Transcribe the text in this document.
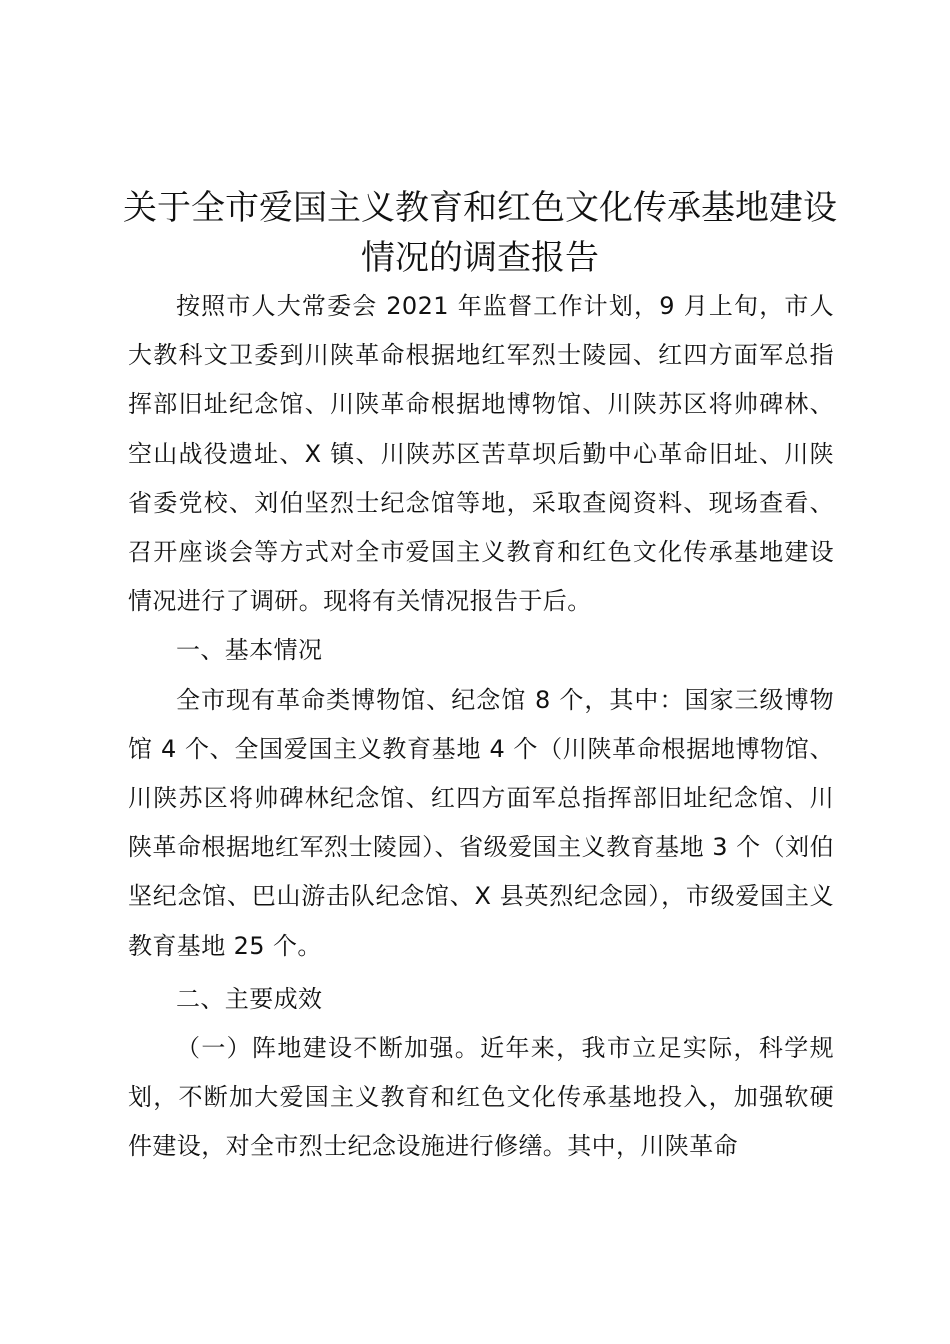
关于全市爱国主义教育和红色文化传承基地建设情况的调查报告

按照市人大常委会 2021 年监督工作计划，9 月上旬，市人大教科文卫委到川陕革命根据地红军烈士陵园、红四方面军总指挥部旧址纪念馆、川陕革命根据地博物馆、川陕苏区将帅碑林、空山战役遗址、X 镇、川陕苏区苦草坝后勤中心革命旧址、川陕省委党校、刘伯坚烈士纪念馆等地，采取查阅资料、现场查看、召开座谈会等方式对全市爱国主义教育和红色文化传承基地建设情况进行了调研。现将有关情况报告于后。

一、基本情况

全市现有革命类博物馆、纪念馆 8 个，其中：国家三级博物馆 4 个、全国爱国主义教育基地 4 个（川陕革命根据地博物馆、川陕苏区将帅碑林纪念馆、红四方面军总指挥部旧址纪念馆、川陕革命根据地红军烈士陵园）、省级爱国主义教育基地 3 个（刘伯坚纪念馆、巴山游击队纪念馆、X 县英烈纪念园），市级爱国主义教育基地 25 个。

二、主要成效

（一）阵地建设不断加强。近年来，我市立足实际，科学规划，不断加大爱国主义教育和红色文化传承基地投入，加强软硬件建设，对全市烈士纪念设施进行修缮。其中，川陕革命
